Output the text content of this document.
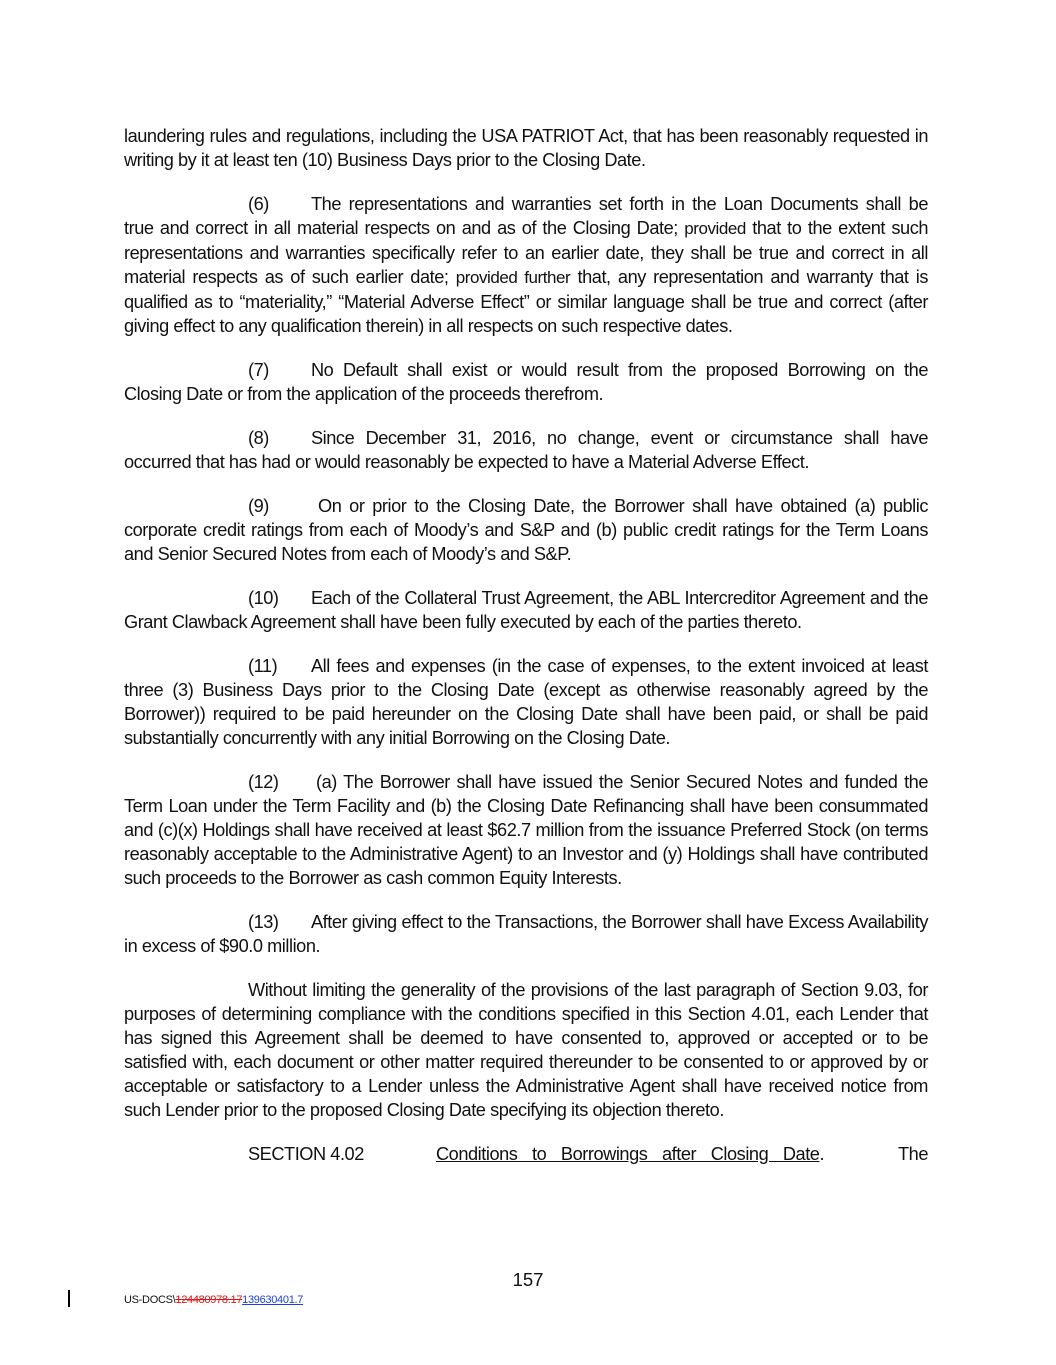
laundering rules and regulations, including the USA PATRIOT Act, that has been reasonably requested in writing by it at least ten (10) Business Days prior to the Closing Date.

(6) The representations and warranties set forth in the Loan Documents shall be true and correct in all material respects on and as of the Closing Date; provided that to the extent such representations and warranties specifically refer to an earlier date, they shall be true and correct in all material respects as of such earlier date; provided further that, any representation and warranty that is qualified as to “materiality,” “Material Adverse Effect” or similar language shall be true and correct (after giving effect to any qualification therein) in all respects on such respective dates.

(7) No Default shall exist or would result from the proposed Borrowing on the Closing Date or from the application of the proceeds therefrom.

(8) Since December 31, 2016, no change, event or circumstance shall have occurred that has had or would reasonably be expected to have a Material Adverse Effect.

(9)	On or prior to the Closing Date, the Borrower shall have obtained (a) public corporate credit ratings from each of Moody’s and S&P and (b) public credit ratings for the Term Loans and Senior Secured Notes from each of Moody’s and S&P.

(10) Each of the Collateral Trust Agreement, the ABL Intercreditor Agreement and the Grant Clawback Agreement shall have been fully executed by each of the parties thereto.

(11) All fees and expenses (in the case of expenses, to the extent invoiced at least three (3) Business Days prior to the Closing Date (except as otherwise reasonably agreed by the Borrower)) required to be paid hereunder on the Closing Date shall have been paid, or shall be paid substantially concurrently with any initial Borrowing on the Closing Date.

(12) (a) The Borrower shall have issued the Senior Secured Notes and funded the Term Loan under the Term Facility and (b) the Closing Date Refinancing shall have been consummated and (c)(x) Holdings shall have received at least $62.7 million from the issuance Preferred Stock (on terms reasonably acceptable to the Administrative Agent) to an Investor and (y) Holdings shall have contributed such proceeds to the Borrower as cash common Equity Interests.

(13) After giving effect to the Transactions, the Borrower shall have Excess Availability in excess of $90.0 million.

Without limiting the generality of the provisions of the last paragraph of Section 9.03, for purposes of determining compliance with the conditions specified in this Section 4.01, each Lender that has signed this Agreement shall be deemed to have consented to, approved or accepted or to be satisfied with, each document or other matter required thereunder to be consented to or approved by or acceptable or satisfactory to a Lender unless the Administrative Agent shall have received notice from such Lender prior to the proposed Closing Date specifying its objection thereto.

SECTION 4.02	Conditions to Borrowings after Closing Date.	The
157
US-DOCS\124480978.17139630401.7
